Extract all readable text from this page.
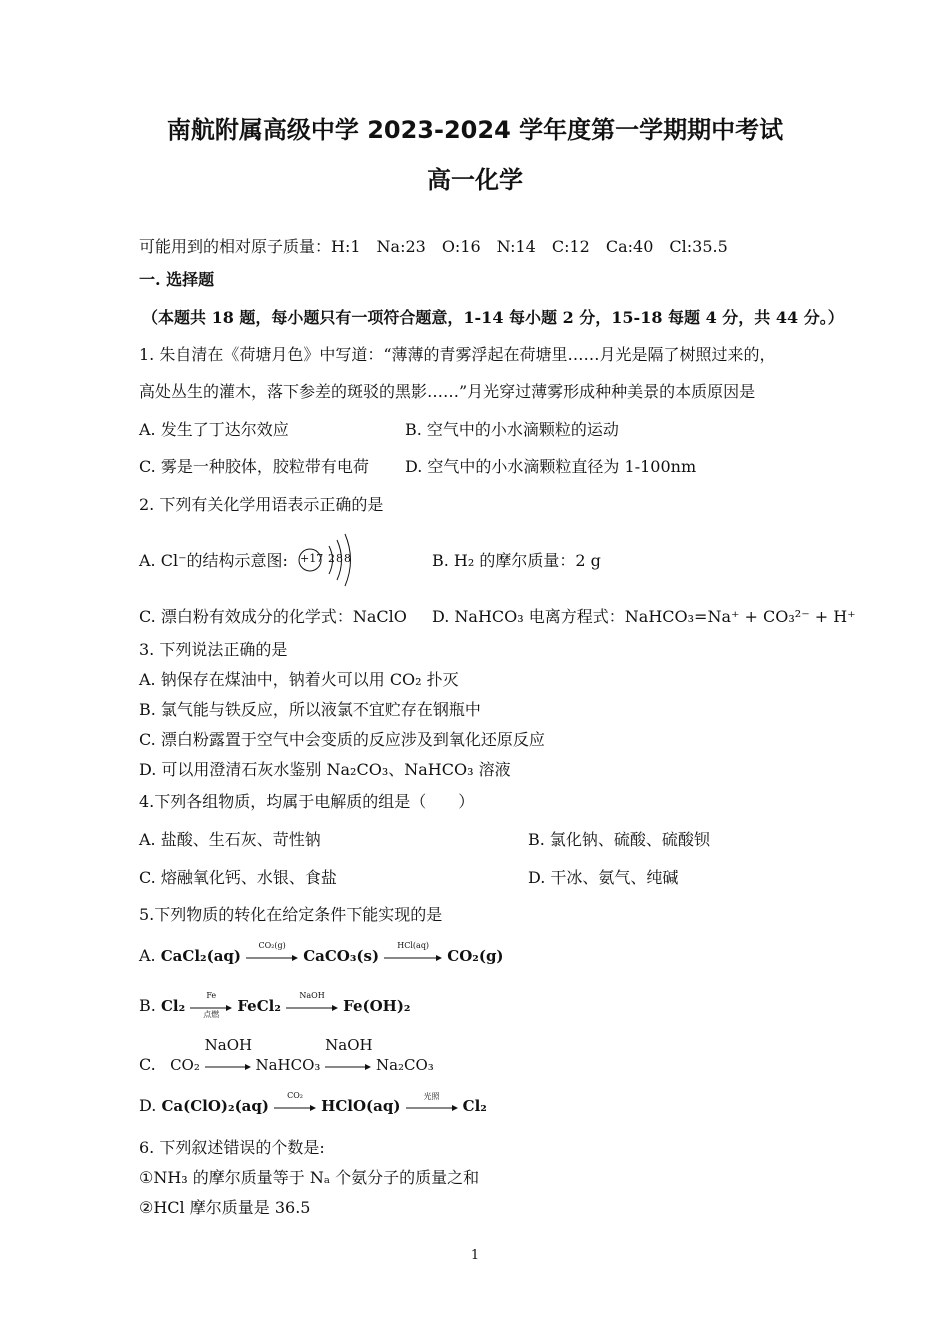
南航附属高级中学 2023-2024 学年度第一学期期中考试
高一化学
可能用到的相对原子质量：H:1　Na:23　O:16　N:14　C:12　Ca:40　Cl:35.5
一. 选择题
（本题共 18 题，每小题只有一项符合题意，1-14 每小题 2 分，15-18 每题 4 分，共 44 分。）
1. 朱自清在《荷塘月色》中写道：“薄薄的青雾浮起在荷塘里……月光是隔了树照过来的，
高处丛生的灌木，落下参差的斑驳的黑影……”月光穿过薄雾形成种种美景的本质原因是
A. 发生了丁达尔效应	B. 空气中的小水滴颗粒的运动
C. 雾是一种胶体，胶粒带有电荷 D. 空气中的小水滴颗粒直径为 1-100nm
2. 下列有关化学用语表示正确的是
A. Cl⁻的结构示意图: +17 2 8 8	B. H₂ 的摩尔质量：2 g
C. 漂白粉有效成分的化学式：NaClO D. NaHCO₃ 电离方程式：NaHCO₃=Na⁺ + CO₃²⁻ + H⁺
3. 下列说法正确的是
A. 钠保存在煤油中，钠着火可以用 CO₂ 扑灭
B. 氯气能与铁反应，所以液氯不宜贮存在钢瓶中
C. 漂白粉露置于空气中会变质的反应涉及到氧化还原反应
D. 可以用澄清石灰水鉴别 Na₂CO₃、NaHCO₃ 溶液
4.下列各组物质，均属于电解质的组是（　　）
A. 盐酸、生石灰、苛性钠	B. 氯化钠、硫酸、硫酸钡
C. 熔融氧化钙、水银、食盐	D. 干冰、氨气、纯碱
5.下列物质的转化在给定条件下能实现的是
A. CaCl₂(aq)
CO₂(g)
CaCO₃(s)
HCl(aq)
CO₂(g)
B. Cl₂
Fe
点燃	FeCl₂
NaOH
Fe(OH)₂
C. CO₂
NaOH
NaHCO₃
NaOH
Na₂CO₃
D. Ca(ClO)₂(aq)
CO₂
HClO(aq)
光照
Cl₂
6. 下列叙述错误的个数是:
①NH₃ 的摩尔质量等于 Nₐ 个氨分子的质量之和
②HCl 摩尔质量是 36.5
1
